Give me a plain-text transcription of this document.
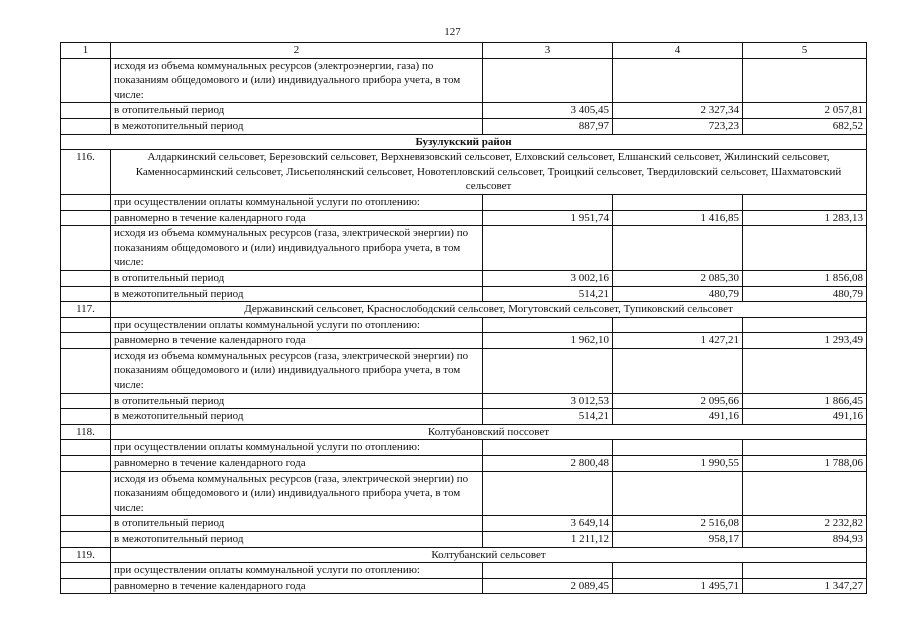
127
1	2	3	4	5
	исходя из объема коммунальных ресурсов (электроэнергии, газа) по показаниям общедомового и (или) индивидуального прибора учета, в том числе:			
	в отопительный период	3 405,45	2 327,34	2 057,81
	в межотопительный период	887,97	723,23	682,52
Бузулукский район				
116.	Алдаркинский сельсовет, Березовский сельсовет, Верхневязовский сельсовет, Елховский сельсовет, Елшанский сельсовет, Жилинский сельсовет, Каменносарминский сельсовет, Лисьеполянский сельсовет, Новотепловский сельсовет, Троицкий сельсовет, Твердиловский сельсовет, Шахматовский сельсовет			
	при осуществлении оплаты коммунальной услуги по отоплению:			
	равномерно в течение календарного года	1 951,74	1 416,85	1 283,13
	исходя из объема коммунальных ресурсов (газа, электрической энергии) по показаниям общедомового и (или) индивидуального прибора учета, в том числе:			
	в отопительный период	3 002,16	2 085,30	1 856,08
	в межотопительный период	514,21	480,79	480,79
117.	Державинский сельсовет, Краснослободский сельсовет, Могутовский сельсовет, Тупиковский сельсовет			
	при осуществлении оплаты коммунальной услуги по отоплению:			
	равномерно в течение календарного года	1 962,10	1 427,21	1 293,49
	исходя из объема коммунальных ресурсов (газа, электрической энергии) по показаниям общедомового и (или) индивидуального прибора учета, в том числе:			
	в отопительный период	3 012,53	2 095,66	1 866,45
	в межотопительный период	514,21	491,16	491,16
118.	Колтубановский поссовет			
	при осуществлении оплаты коммунальной услуги по отоплению:			
	равномерно в течение календарного года	2 800,48	1 990,55	1 788,06
	исходя из объема коммунальных ресурсов (газа, электрической энергии) по показаниям общедомового и (или) индивидуального прибора учета, в том числе:			
	в отопительный период	3 649,14	2 516,08	2 232,82
	в межотопительный период	1 211,12	958,17	894,93
119.	Колтубанский сельсовет			
	при осуществлении оплаты коммунальной услуги по отоплению:			
	равномерно в течение календарного года	2 089,45	1 495,71	1 347,27
